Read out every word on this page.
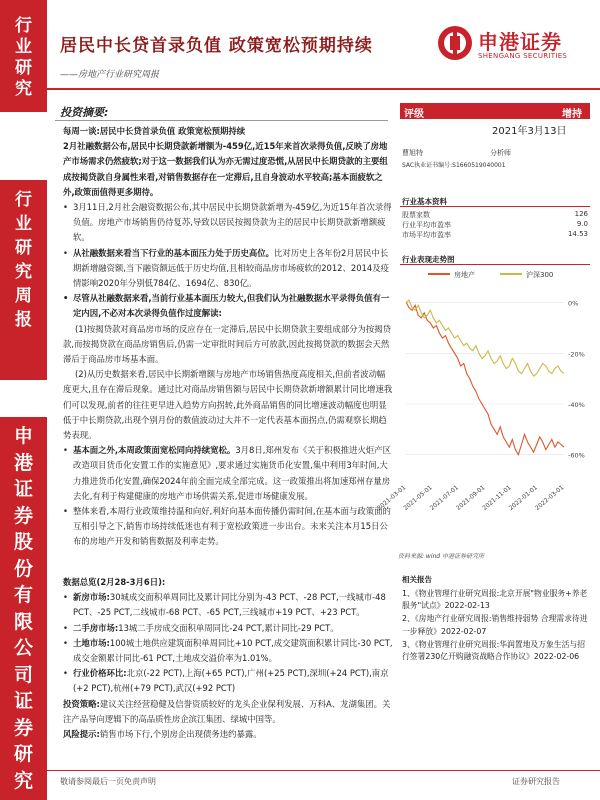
行
业
研
究
行
业
研
究
周
报
申
港
证
券
股
份
有
限
公
司
证
券
研
究
居民中长贷首录负值 政策宽松预期持续
——房地产行业研究周报
申港证券
SHENGANG SECURITIES
投资摘要:

每周一谈:居民中长贷首录负值 政策宽松预期持续

2月社融数据公布,居民中长期贷款新增额为-459亿,近15年来首次录得负值,反映了房地产市场需求仍然疲软;对于这一数据我们认为亦无需过度恐慌,从居民中长期贷款的主要组成按揭贷款自身属性来看,对销售数据存在一定滞后,且自身波动水平较高;基本面疲软之外,政策面值得更多期待。

• 3月11日,2月社会融资数据公布,其中居民中长期贷款新增为-459亿,为近15年首次录得负值。房地产市场销售仍待复苏,导致以居民按揭贷款为主的居民中长期贷款新增额疲软。

• 从社融数据来看当下行业的基本面压力处于历史高位。比对历史上各年份2月居民中长期新增融资额,当下融资额远低于历史均值,且相较商品房市场疲软的2012、2014及疫情影响2020年分别低784亿、1694亿、830亿。

• 尽管从社融数据来看,当前行业基本面压力较大,但我们认为社融数据水平录得负值有一定内因,不必对本次录得负值作过度解读:

(1)按揭贷款对商品房市场的反应存在一定滞后,居民中长期贷款主要组成部分为按揭贷款,而按揭贷款在商品房销售后,仍需一定审批时间后方可放款,因此按揭贷款的数据会天然滞后于商品房市场基本面。

(2)从历史数据来看,居民中长期新增额与房地产市场销售热度高度相关,但前者波动幅度更大,且存在滞后现象。通过比对商品房销售额与居民中长期贷款新增额累计同比增速我们可以发现,前者的往往更早进入趋势方向拐转,此外商品销售的同比增速波动幅度也明显低于中长期贷款,出现个别月份的数值波动过大并不一定代表基本面拐点,仍需观察长期趋势表现。

• 基本面之外,本周政策面宽松同向持续宽松。3月8日,郑州发布《关于积极推进火炬产区改造项目货币化安置工作的实施意见》,要求通过实施货币化安置,集中利用3年时间,大力推进货币化安置,确保2024年前全面完成全部完成。这一政策推出将加速郑州存量房去化,有利于构建健康的房地产市场供需关系,促进市场健康发展。

• 整体来看,本周行业政策维持温和向好,利好向基本面传播仍需时间,在基本面与政策面的互相引导之下,销售市场持续低迷也有利于宽松政策进一步出台。未来关注本月15日公布的房地产开发和销售数据及利率走势。

数据总览(2月28-3月6日):

• 新房市场:30城成交面积单周同比及累计同比分别为-43 PCT、-28 PCT,一线城市-48 PCT、-25 PCT,二线城市-68 PCT、-65 PCT,三线城市+19 PCT、+23 PCT。

• 二手房市场:13城二手房成交面积单周同比-24 PCT,累计同比-29 PCT。

• 土地市场:100城土地供应建筑面积单周同比+10 PCT,成交建筑面积累计同比-30 PCT,成交金额累计同比-61 PCT,土地成交溢价率为1.01%。

• 行业价格环比:北京(-22 PCT),上海(+65 PCT),广州(+25 PCT),深圳(+24 PCT),南京(+2 PCT),杭州(+79 PCT),武汉(+92 PCT)

投资策略:建议关注经营稳健及信誉资质较好的龙头企业保利发展、万科A、龙湖集团。关注产品导向逻辑下的高品质性房企滨江集团、绿城中国等。

风险提示:销售市场下行,个别房企出现债务违约暴露。

评级	增持
2021年3月13日
曹旭特	分析师
SAC执业证书编号:S1660519040001
行业基本资料
股票家数	126
行业平均市盈率	9.0
市场平均市盈率	14.53
行业表现走势图
房地产	沪深300
0%
-20%
-40%
-60%
2021-03-01
2021-05-01
2021-07-01
2021-09-01
2021-11-01
2022-01-01
2022-03-01
资料来源: wind 申港证券研究所
相关报告

1、《物业管理行业研究周报:北京开展"物业服务+养老服务"试点》2022-02-13

2、《房地产行业研究周报:销售维持弱势 合理需求待进一步释放》2022-02-07

3、《物业管理行业研究周报:华润置地及万象生活与招行签署230亿开购融资战略合作协议》2022-02-06

敬请参阅最后一页免责声明	证券研究报告
